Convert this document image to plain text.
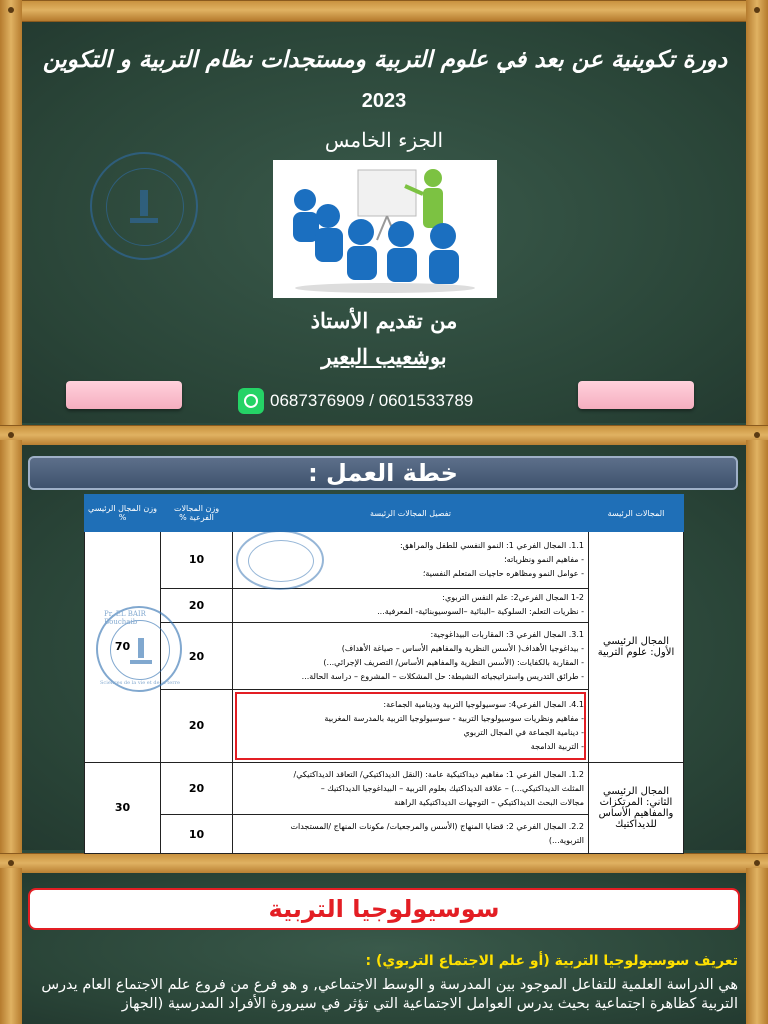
دورة تكوينية عن بعد في علوم التربية ومستجدات نظام التربية و التكوين
2023
الجزء الخامس
من تقديم الأستاذ
بوشعيب البعير
0687376909 / 0601533789
خطة العمل :
المجالات الرئيسة	تفصيل المجالات الرئيسة	وزن المجالات الفرعية %	وزن المجال الرئيسي %
المجال الرئيسي الأول: علوم التربية	1.1. المجال الفرعي 1: النمو النفسي للطفل والمراهق:
- مفاهيم النمو ونظرياته؛
- عوامل النمو ومظاهره حاجيات المتعلم النفسية؛	10	70

	1-2 المجال الفرعي2: علم النفس التربوي:
- نظريات التعلم: السلوكية –البنائية –السوسيوبنائية- المعرفية...	20	

	3.1. المجال الفرعي 3: المقاربات البيداغوجية:
- بيداغوجيا الأهداف( الأسس النظرية والمفاهيم الأساس – صياغة الأهداف)
- المقاربة بالكفايات: (الأسس النظرية والمفاهيم الأساس/ التصريف الإجرائي...)
- طرائق التدريس واستراتيجياته النشيطة: حل المشكلات – المشروع – دراسة الحالة...	20	

	4.1. المجال الفرعي4: سوسيولوجيا التربية ودينامية الجماعة:
- مفاهيم ونظريات سوسيولوجيا التربية - سوسيولوجيا التربية بالمدرسة المغربية
- دينامية الجماعة في المجال التربوي
- التربية الدامجة	20	
المجال الرئيسي الثاني: المرتكزات والمفاهيم الأساس للديداكتيك	1.2. المجال الفرعي 1: مفاهيم ديداكتيكية عامة: (النقل الديداكتيكي/ التعاقد الديداكتيكي/
المثلث الديداكتيكي...) – علاقة الديداكتيك بعلوم التربية – البيداغوجيا الديداكتيك –
مجالات البحث الديداكتيكي – التوجهات الديداكتيكية الراهنة	20	30

	2.2. المجال الفرعي 2: قضايا المنهاج (الأسس والمرجعيات/ مكونات المنهاج /المستجدات
التربوية...)	10	
Pr. EL BAIR Bouchaib
Sciences de la vie et de la terre
سوسيولوجيا التربية
تعريف سوسيولوجيا التربية (أو علم الاجتماع التربوي) :
هي الدراسة العلمية للتفاعل الموجود بين المدرسة و الوسط الاجتماعي, و هو فرع من فروع علم الاجتماع العام يدرس التربية كظاهرة اجتماعية بحيث يدرس العوامل الاجتماعية التي تؤثر في سيرورة الأفراد المدرسية (الجهاز
